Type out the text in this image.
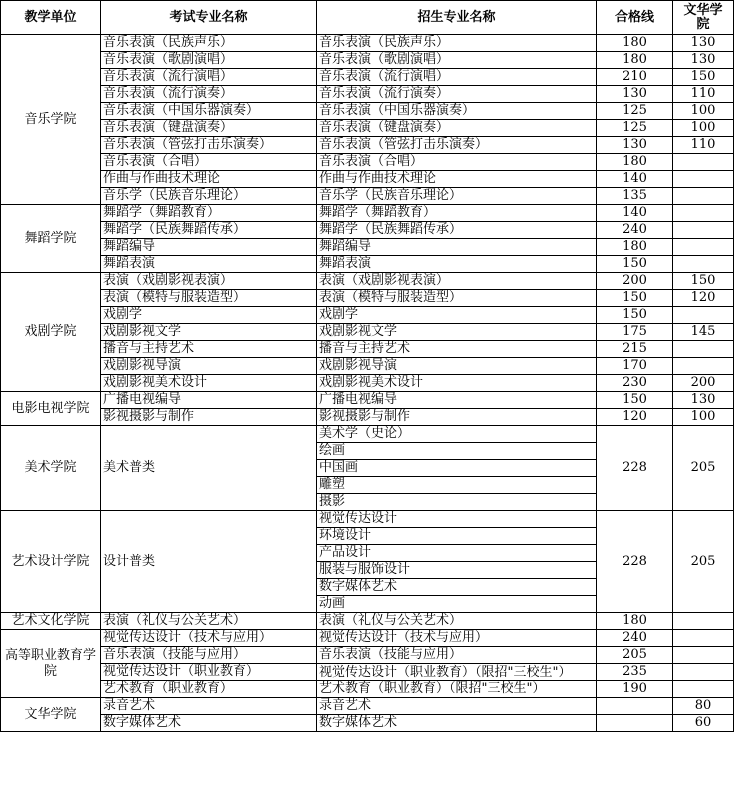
教学单位	考试专业名称	招生专业名称	合格线	文华学
院
音乐学院	音乐表演（民族声乐）	音乐表演（民族声乐）	180	130
	音乐表演（歌剧演唱）	音乐表演（歌剧演唱）	180	130
	音乐表演（流行演唱）	音乐表演（流行演唱）	210	150
	音乐表演（流行演奏）	音乐表演（流行演奏）	130	110
	音乐表演（中国乐器演奏）	音乐表演（中国乐器演奏）	125	100
	音乐表演（键盘演奏）	音乐表演（键盘演奏）	125	100
	音乐表演（管弦打击乐演奏）	音乐表演（管弦打击乐演奏）	130	110
	音乐表演（合唱）	音乐表演（合唱）	180	
	作曲与作曲技术理论	作曲与作曲技术理论	140	
	音乐学（民族音乐理论）	音乐学（民族音乐理论）	135	
舞蹈学院	舞蹈学（舞蹈教育）	舞蹈学（舞蹈教育）	140	
	舞蹈学（民族舞蹈传承）	舞蹈学（民族舞蹈传承）	240	
	舞蹈编导	舞蹈编导	180	
	舞蹈表演	舞蹈表演	150	
戏剧学院	表演（戏剧影视表演）	表演（戏剧影视表演）	200	150
	表演（模特与服装造型）	表演（模特与服装造型）	150	120
	戏剧学	戏剧学	150	
	戏剧影视文学	戏剧影视文学	175	145
	播音与主持艺术	播音与主持艺术	215	
	戏剧影视导演	戏剧影视导演	170	
	戏剧影视美术设计	戏剧影视美术设计	230	200
电影电视学院	广播电视编导	广播电视编导	150	130
	影视摄影与制作	影视摄影与制作	120	100
美术学院	美术普类	美术学（史论）	228	205
		绘画		
		中国画		
		雕塑		
		摄影		
艺术设计学院	设计普类	视觉传达设计	228	205
		环境设计		
		产品设计		
		服装与服饰设计		
		数字媒体艺术		
		动画		
艺术文化学院	表演（礼仪与公关艺术）	表演（礼仪与公关艺术）	180	
高等职业教育学院	视觉传达设计（技术与应用）	视觉传达设计（技术与应用）	240	
	音乐表演（技能与应用）	音乐表演（技能与应用）	205	
	视觉传达设计（职业教育）	视觉传达设计（职业教育）（限招"三校生"）	235	
	艺术教育（职业教育）	艺术教育（职业教育）（限招"三校生"）	190	
文华学院	录音艺术	录音艺术		80
	数字媒体艺术	数字媒体艺术		60
